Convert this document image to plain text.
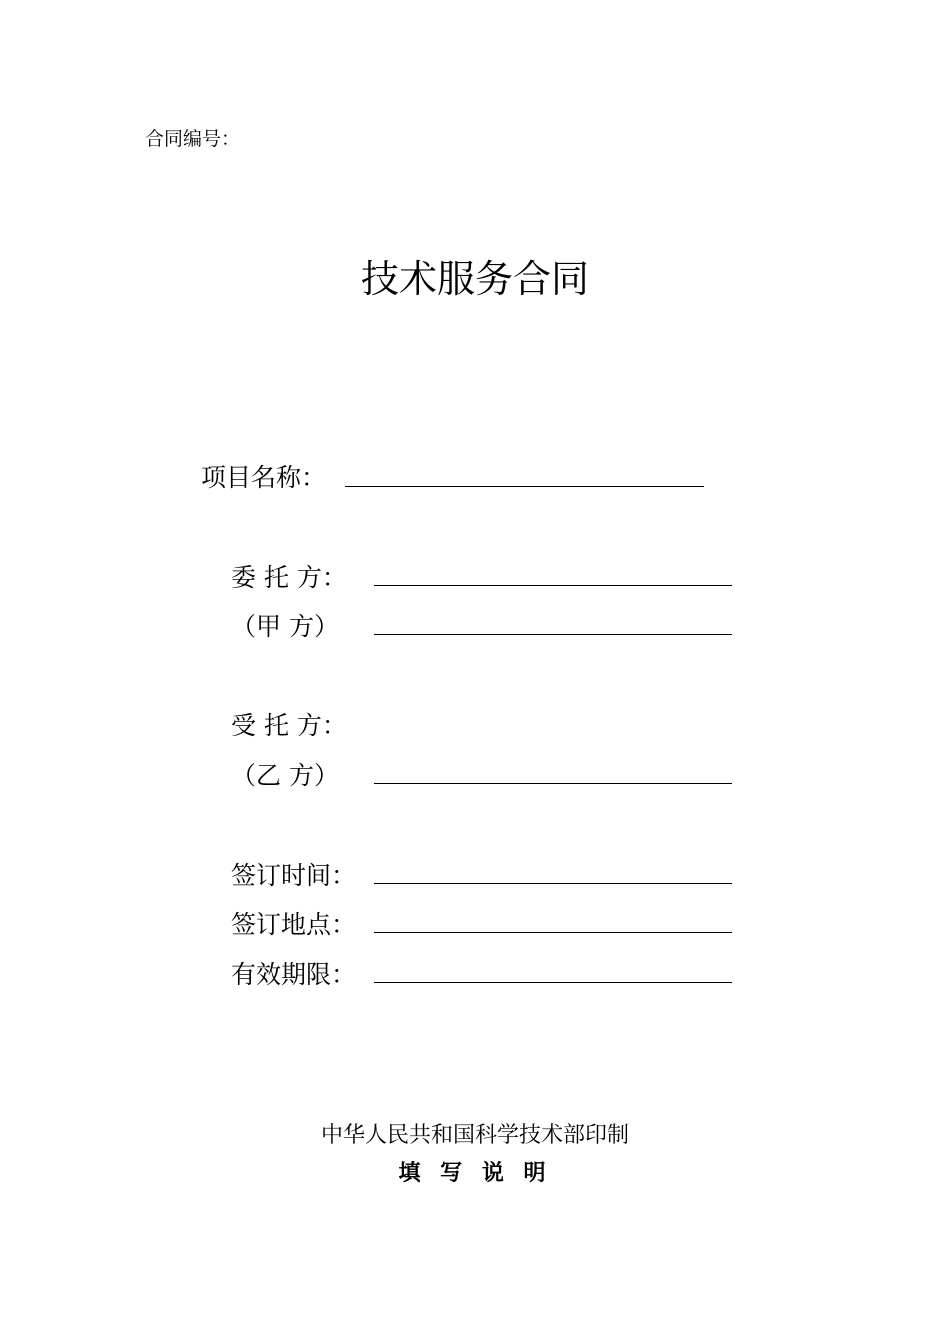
合同编号：
技术服务合同
项目名称：
委 托 方：
（甲 方）
受 托 方：
（乙 方）
签订时间：
签订地点：
有效期限：
中华人民共和国科学技术部印制
填 写 说 明
